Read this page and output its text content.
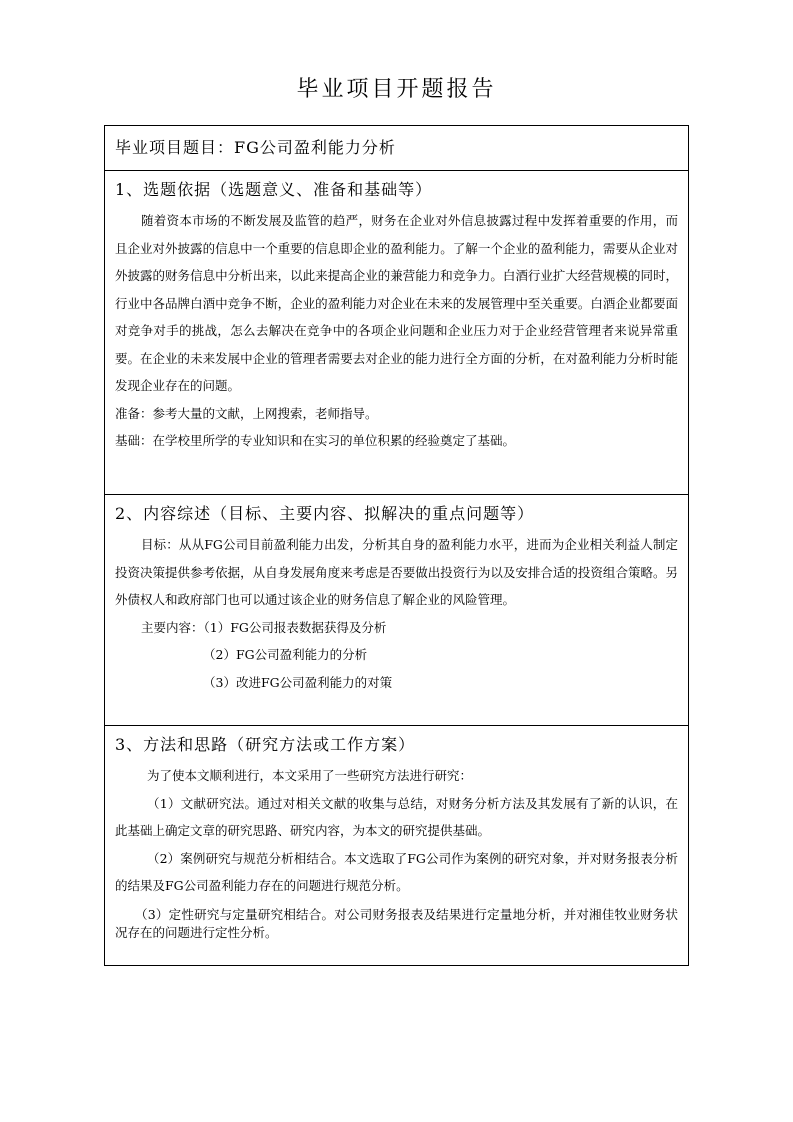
毕业项目开题报告
毕业项目题目：FG公司盈利能力分析
1、选题依据（选题意义、准备和基础等）

随着资本市场的不断发展及监管的趋严，财务在企业对外信息披露过程中发挥着重要的作用，而且企业对外披露的信息中一个重要的信息即企业的盈利能力。了解一个企业的盈利能力，需要从企业对外披露的财务信息中分析出来，以此来提高企业的兼营能力和竞争力。白酒行业扩大经营规模的同时，行业中各品牌白酒中竞争不断，企业的盈利能力对企业在未来的发展管理中至关重要。白酒企业都要面对竞争对手的挑战，怎么去解决在竞争中的各项企业问题和企业压力对于企业经营管理者来说异常重要。在企业的未来发展中企业的管理者需要去对企业的能力进行全方面的分析，在对盈利能力分析时能发现企业存在的问题。

准备：参考大量的文献，上网搜索，老师指导。

基础：在学校里所学的专业知识和在实习的单位积累的经验奠定了基础。

2、内容综述（目标、主要内容、拟解决的重点问题等）

目标：从从FG公司目前盈利能力出发，分析其自身的盈利能力水平，进而为企业相关利益人制定投资决策提供参考依据，从自身发展角度来考虑是否要做出投资行为以及安排合适的投资组合策略。另外债权人和政府部门也可以通过该企业的财务信息了解企业的风险管理。

主要内容：（1）FG公司报表数据获得及分析

（2）FG公司盈利能力的分析

（3）改进FG公司盈利能力的对策

3、方法和思路（研究方法或工作方案）

为了使本文顺利进行，本文采用了一些研究方法进行研究：

（1）文献研究法。通过对相关文献的收集与总结，对财务分析方法及其发展有了新的认识，在此基础上确定文章的研究思路、研究内容，为本文的研究提供基础。

（2）案例研究与规范分析相结合。本文选取了FG公司作为案例的研究对象，并对财务报表分析的结果及FG公司盈利能力存在的问题进行规范分析。

（3）定性研究与定量研究相结合。对公司财务报表及结果进行定量地分析，并对湘佳牧业财务状况存在的问题进行定性分析。
